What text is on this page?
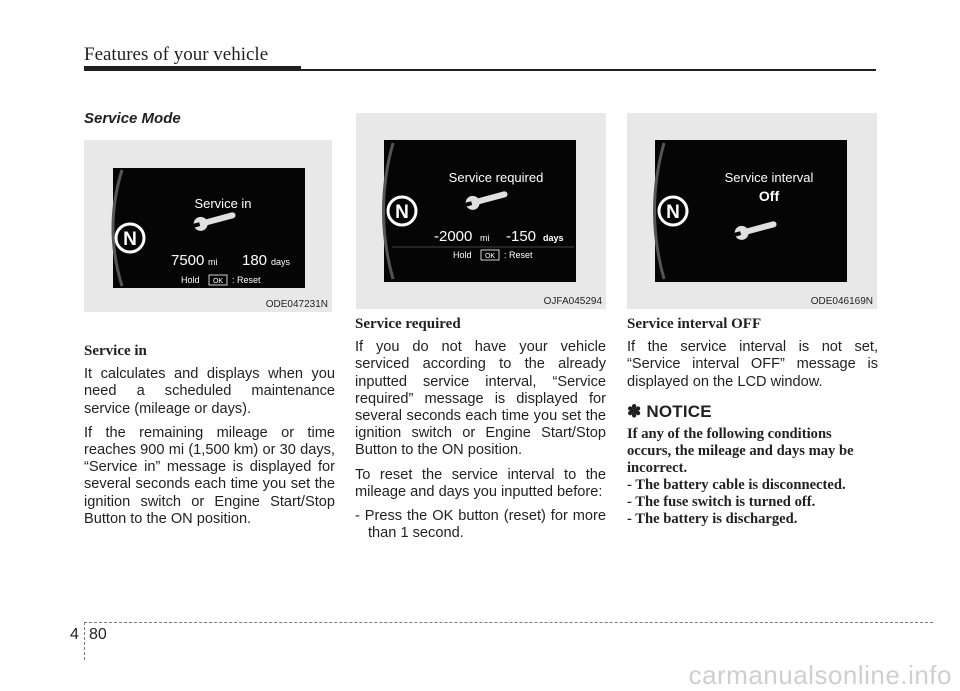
Features of your vehicle
Service Mode
N
Service in
7500 mi 180 days
Hold OK : Reset
ODE047231N
N
Service required
-2000 mi -150 days
Hold OK : Reset
OJFA045294
N
Service interval
Off
ODE046169N
Service in

It calculates and displays when you need a scheduled maintenance service (mileage or days).

If the remaining mileage or time reaches 900 mi (1,500 km) or 30 days, “Service in” message is displayed for several seconds each time you set the ignition switch or Engine Start/Stop Button to the ON position.

Service required

If you do not have your vehicle serviced according to the already inputted service interval, “Service required” message is displayed for several seconds each time you set the ignition switch or Engine Start/Stop Button to the ON position.

To reset the service interval to the mileage and days you inputted before:

- Press the OK button (reset) for more than 1 second.

Service interval OFF

If the service interval is not set, “Service interval OFF” message is displayed on the LCD window.

✽ NOTICE
If any of the following conditions occurs, the mileage and days may be incorrect.
- The battery cable is disconnected.
- The fuse switch is turned off.
- The battery is discharged.
4 80
carmanualsonline.info
